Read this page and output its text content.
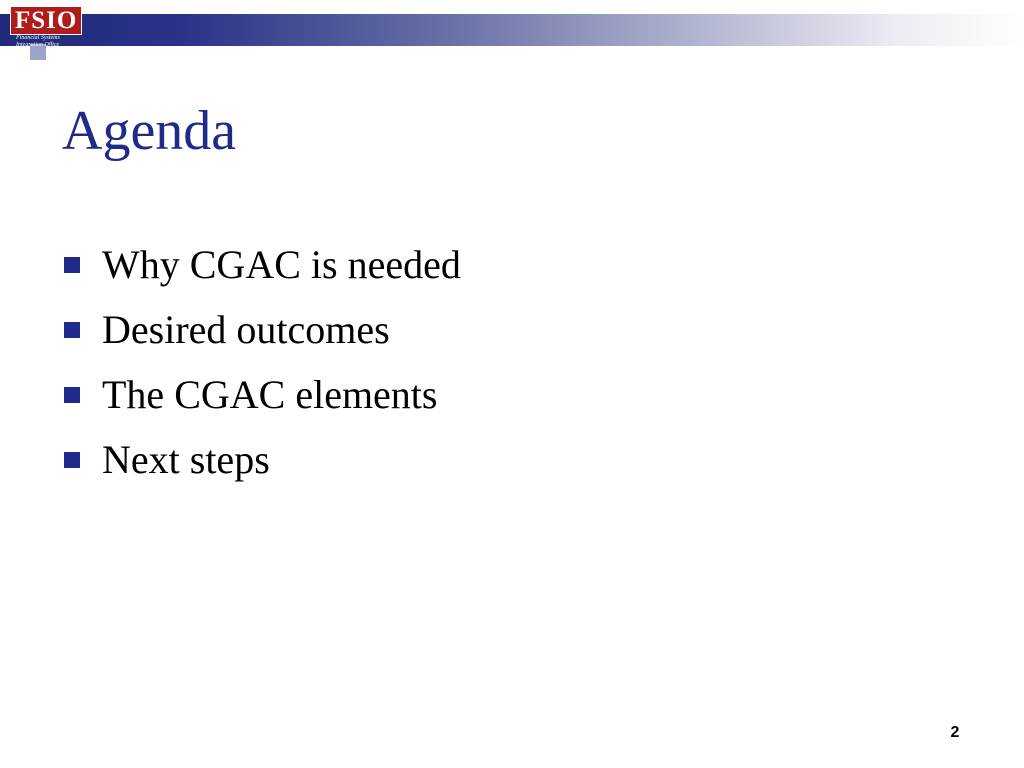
FSIO
Financial Systems
Integration Office
Agenda
Why CGAC is needed
Desired outcomes
The CGAC elements
Next steps
2
